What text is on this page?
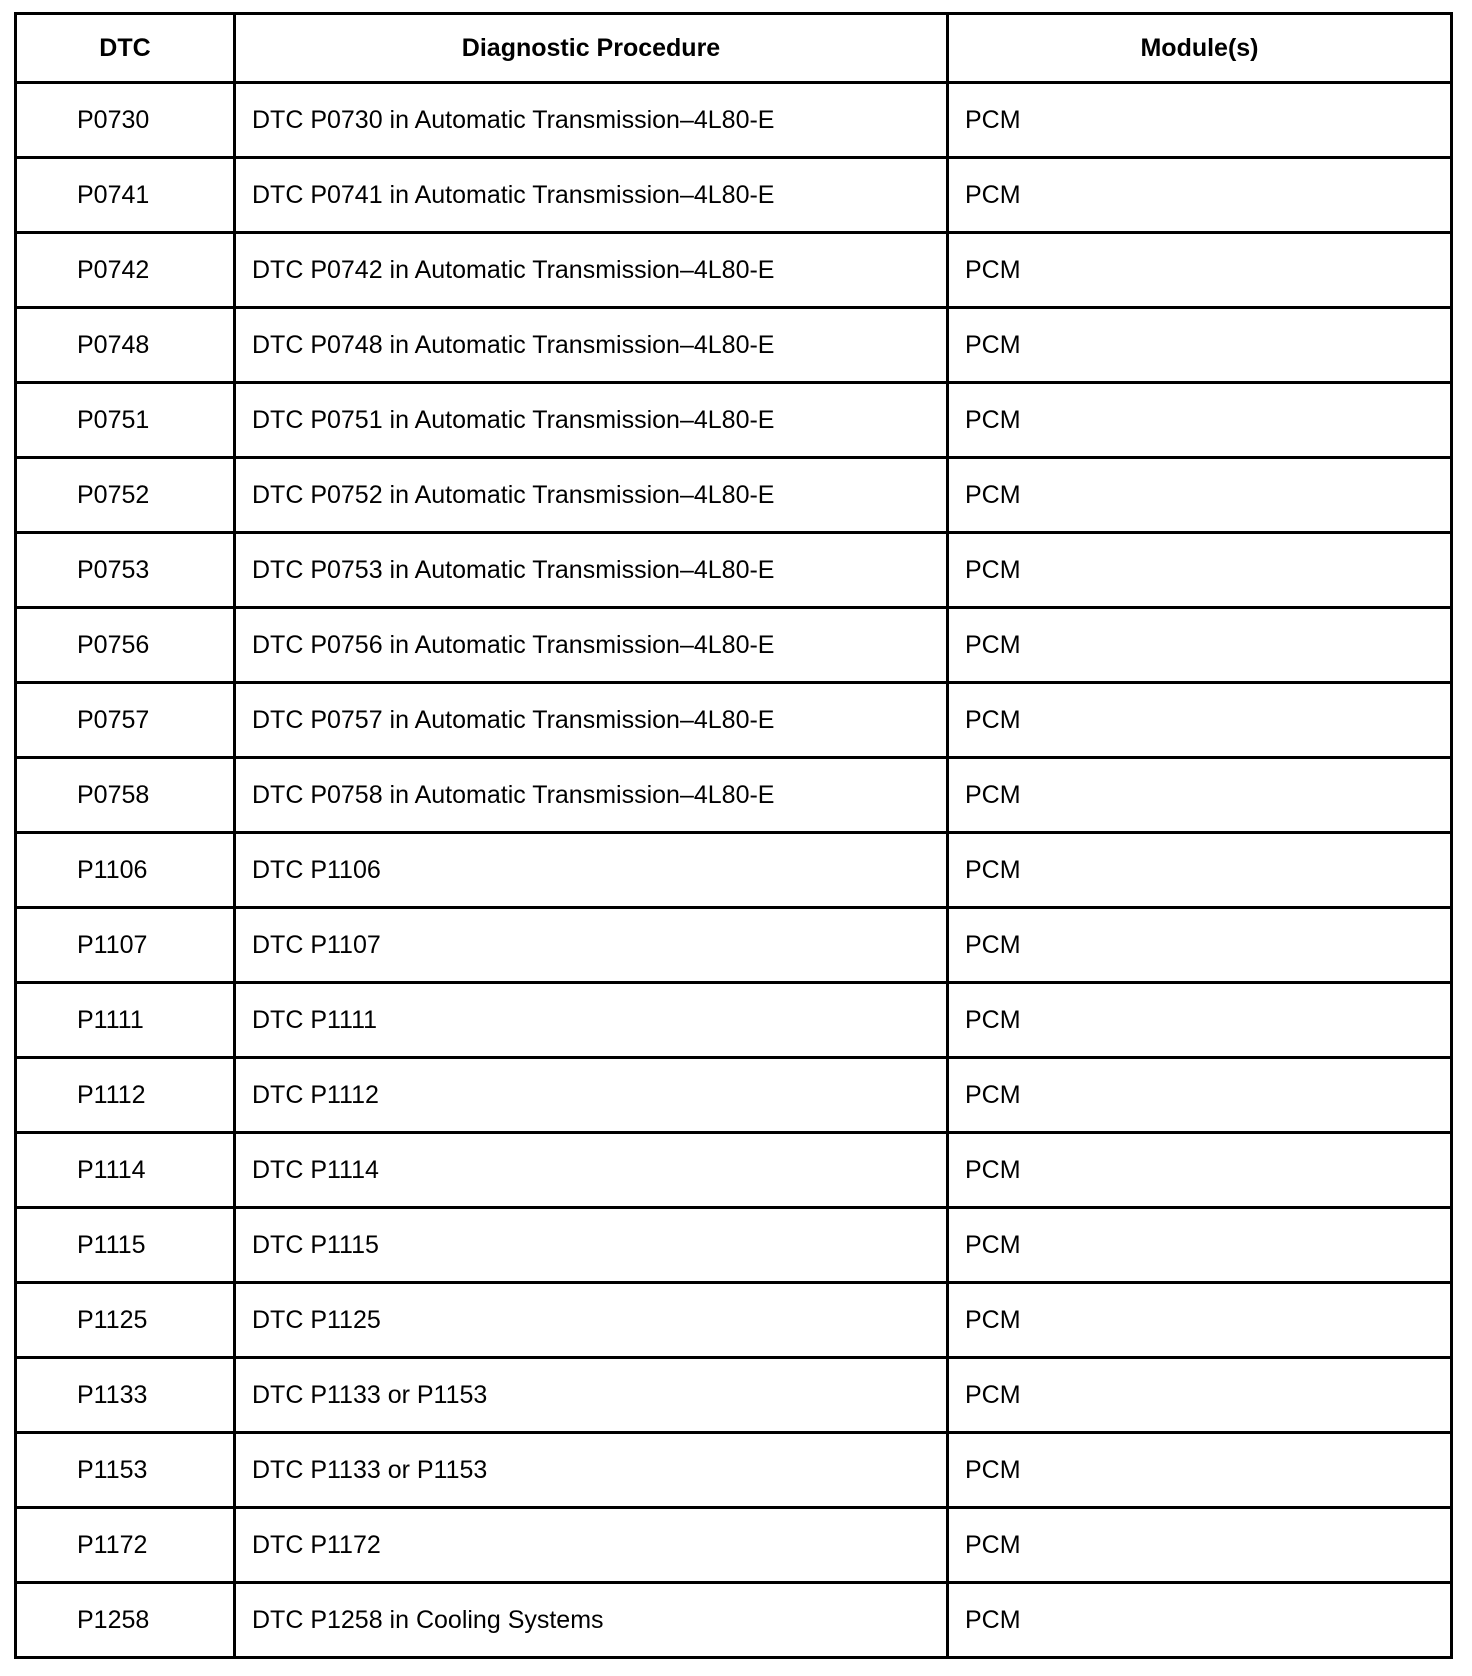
DTC	Diagnostic Procedure	Module(s)
P0730	DTC P0730 in Automatic Transmission–4L80-E	PCM
P0741	DTC P0741 in Automatic Transmission–4L80-E	PCM
P0742	DTC P0742 in Automatic Transmission–4L80-E	PCM
P0748	DTC P0748 in Automatic Transmission–4L80-E	PCM
P0751	DTC P0751 in Automatic Transmission–4L80-E	PCM
P0752	DTC P0752 in Automatic Transmission–4L80-E	PCM
P0753	DTC P0753 in Automatic Transmission–4L80-E	PCM
P0756	DTC P0756 in Automatic Transmission–4L80-E	PCM
P0757	DTC P0757 in Automatic Transmission–4L80-E	PCM
P0758	DTC P0758 in Automatic Transmission–4L80-E	PCM
P1106	DTC P1106	PCM
P1107	DTC P1107	PCM
P1111	DTC P1111	PCM
P1112	DTC P1112	PCM
P1114	DTC P1114	PCM
P1115	DTC P1115	PCM
P1125	DTC P1125	PCM
P1133	DTC P1133 or P1153	PCM
P1153	DTC P1133 or P1153	PCM
P1172	DTC P1172	PCM
P1258	DTC P1258 in Cooling Systems	PCM
